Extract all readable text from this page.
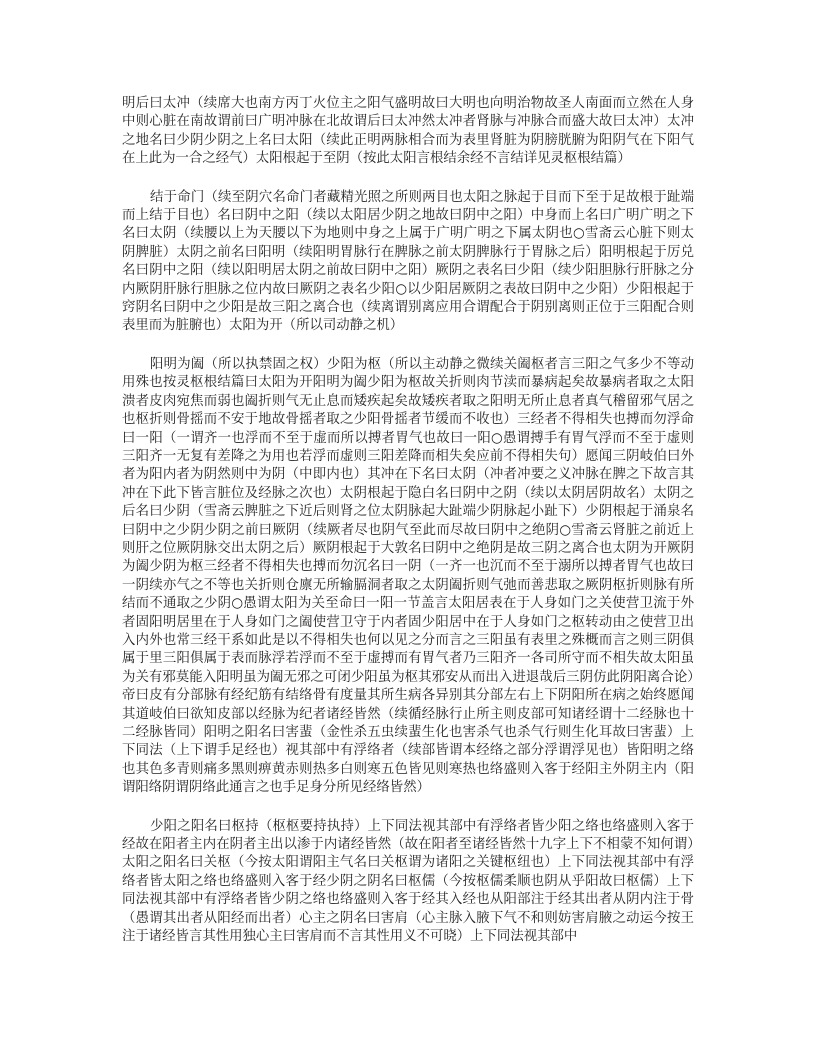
明后曰太冲（续席大也南方丙丁火位主之阳气盛明故曰大明也向明治物故圣人南面而立然在人身中则心脏在南故谓前曰广明冲脉在北故谓后曰太冲然太冲者肾脉与冲脉合而盛大故曰太冲）太冲之地名曰少阴少阴之上名曰太阳（续此正明两脉相合而为表里肾脏为阴膀胱腑为阳阴气在下阳气在上此为一合之经气）太阳根起于至阴（按此太阳言根结余经不言结详见灵枢根结篇）

结于命门（续至阴穴名命门者藏精光照之所则两目也太阳之脉起于目而下至于足故根于趾端而上结于目也）名曰阴中之阳（续以太阳居少阴之地故曰阴中之阳）中身而上名曰广明广明之下名曰太阴（续腰以上为天腰以下为地则中身之上属于广明广明之下属太阴也○雪斋云心脏下则太阴脾脏）太阴之前名曰阳明（续阳明胃脉行在脾脉之前太阴脾脉行于胃脉之后）阳明根起于厉兑名曰阴中之阳（续以阳明居太阴之前故曰阴中之阳）厥阴之表名曰少阳（续少阳胆脉行肝脉之分内厥阴肝脉行胆脉之位内故曰厥阴之表名少阳○以少阳居厥阴之表故曰阴中之少阳）少阳根起于窍阴名曰阴中之少阳是故三阳之离合也（续离谓别离应用合谓配合于阴别离则正位于三阳配合则表里而为脏腑也）太阳为开（所以司动静之机）

阳明为阖（所以执禁固之权）少阳为枢（所以主动静之微续关阖枢者言三阳之气多少不等动用殊也按灵枢根结篇曰太阳为开阳明为阖少阳为枢故关折则肉节渎而暴病起矣故暴病者取之太阳溃者皮肉宛焦而弱也阖折则气无止息而矮疾起矣故矮疾者取之阳明无所止息者真气稽留邪气居之也枢折则骨摇而不安于地故骨摇者取之少阳骨摇者节缓而不收也）三经者不得相失也搏而勿浮命曰一阳（一谓齐一也浮而不至于虚而所以搏者胃气也故曰一阳○愚谓搏手有胃气浮而不至于虚则三阳齐一无复有差降之为用也若浮而虚则三阳差降而相失矣应前不得相失句）愿闻三阴岐伯曰外者为阳内者为阴然则中为阴（中即内也）其冲在下名曰太阴（冲者冲要之义冲脉在脾之下故言其冲在下此下皆言脏位及经脉之次也）太阴根起于隐白名曰阴中之阴（续以太阴居阴故名）太阴之后名曰少阴（雪斋云脾脏之下近后则肾之位太阴脉起大趾端少阴脉起小趾下）少阴根起于涌泉名曰阴中之少阴少阴之前曰厥阴（续厥者尽也阴气至此而尽故曰阴中之绝阴○雪斋云肾脏之前近上则肝之位厥阴脉交出太阴之后）厥阴根起于大敦名曰阴中之绝阴是故三阴之离合也太阴为开厥阴为阖少阴为枢三经者不得相失也搏而勿沉名曰一阴（一齐一也沉而不至于溺所以搏者胃气也故曰一阴续亦气之不等也关折则仓廪无所输膈洞者取之太阴阖折则气弛而善悲取之厥阴枢折则脉有所结而不通取之少阴○愚谓太阳为关至命曰一阳一节盖言太阳居表在于人身如门之关使营卫流于外者固阳明居里在于人身如门之阖使营卫守于内者固少阳居中在于人身如门之枢转动由之使营卫出入内外也常三经干系如此是以不得相失也何以见之分而言之三阳虽有表里之殊概而言之则三阴俱属于里三阳俱属于表而脉浮若浮而不至于虚搏而有胃气者乃三阳齐一各司所守而不相失故太阳虽为关有邪莫能入阳明虽为阖无邪之可闭少阳虽为枢其邪安从而出入进退哉后三阴仿此阴阳离合论）帝曰皮有分部脉有经纪筋有结络骨有度量其所生病各异别其分部左右上下阴阳所在病之始终愿闻其道岐伯曰欲知皮部以经脉为纪者诸经皆然（续循经脉行止所主则皮部可知诸经谓十二经脉也十二经脉皆同）阳明之阳名曰害蜚（金性杀五虫续蜚生化也害杀气也杀气行则生化耳故曰害蜚）上下同法（上下谓手足经也）视其部中有浮络者（续部皆谓本经络之部分浮谓浮见也）皆阳明之络也其色多青则痛多黑则痹黄赤则热多白则寒五色皆见则寒热也络盛则入客于经阳主外阴主内（阳谓阳络阴谓阴络此通言之也手足身分所见经络皆然）

少阳之阳名曰枢持（枢枢要持执持）上下同法视其部中有浮络者皆少阳之络也络盛则入客于经故在阳者主内在阴者主出以渗于内诸经皆然（故在阳者至诸经皆然十九字上下不相蒙不知何谓）太阳之阳名曰关枢（今按太阳谓阳主气名曰关枢谓为诸阳之关键枢纽也）上下同法视其部中有浮络者皆太阳之络也络盛则入客于经少阴之阴名曰枢儒（今按枢儒柔顺也阴从乎阳故曰枢儒）上下同法视其部中有浮络者皆少阴之络也络盛则入客于经其入经也从阳部注于经其出者从阴内注于骨（愚谓其出者从阳经而出者）心主之阴名曰害肩（心主脉入腋下气不和则妨害肩腋之动运今按王注于诸经皆言其性用独心主曰害肩而不言其性用义不可晓）上下同法视其部中
